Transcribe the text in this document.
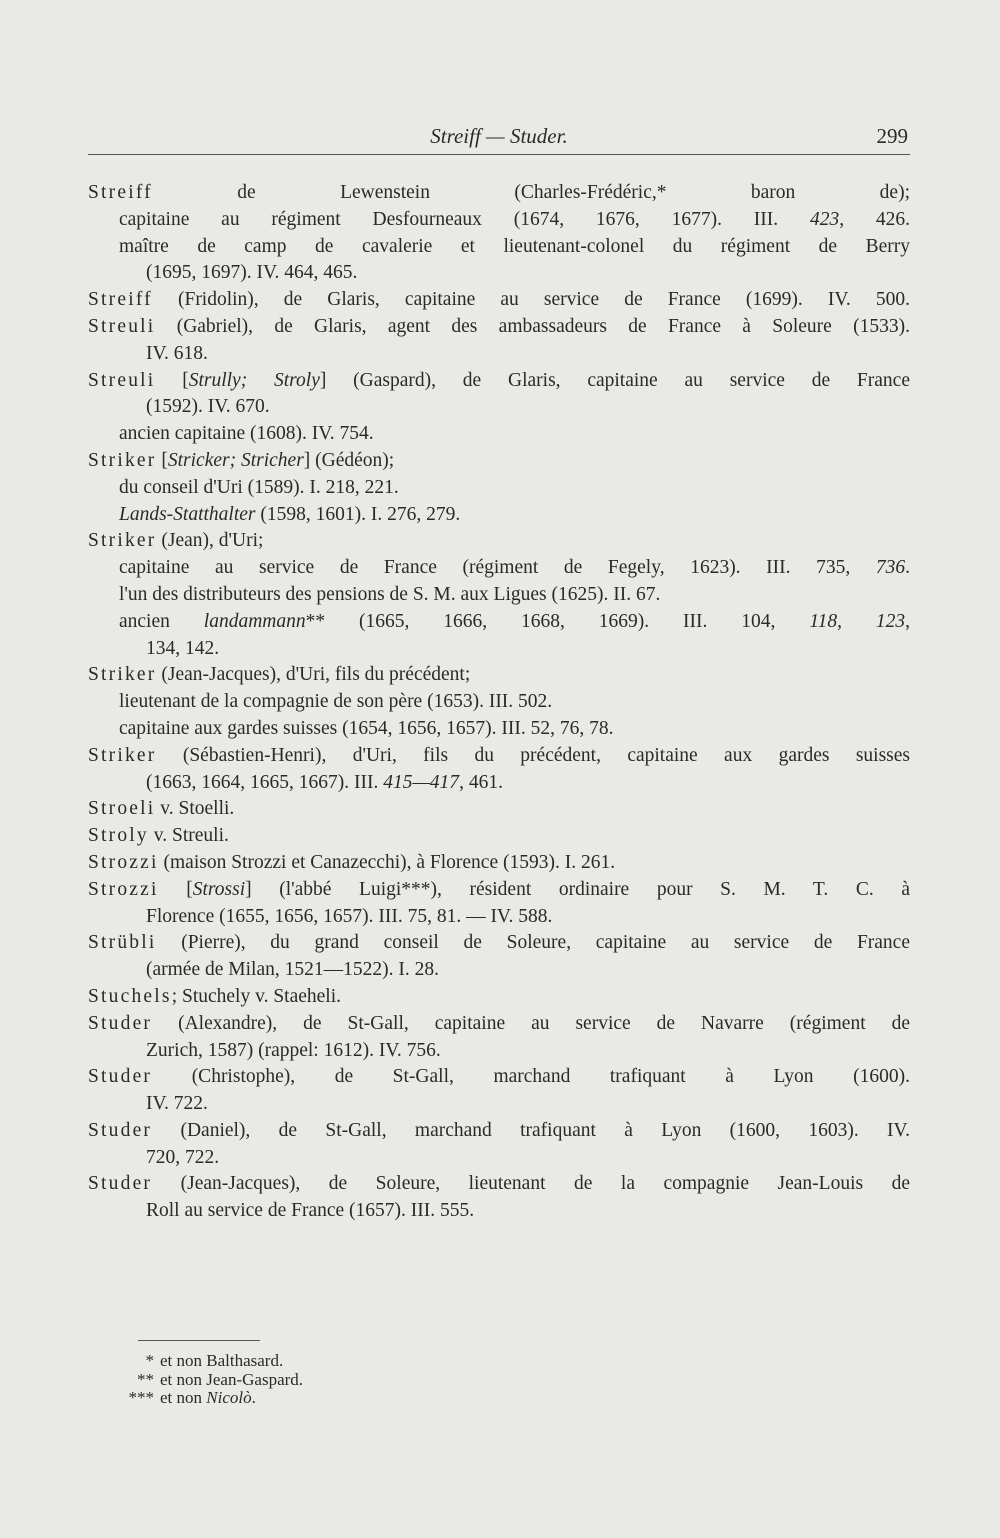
Streiff — Studer.	299
Streiff de Lewenstein (Charles-Frédéric,* baron de);
capitaine au régiment Desfourneaux (1674, 1676, 1677). III. 423, 426.
maître de camp de cavalerie et lieutenant-colonel du régiment de Berry
(1695, 1697). IV. 464, 465.
Streiff (Fridolin), de Glaris, capitaine au service de France (1699). IV. 500.
Streuli (Gabriel), de Glaris, agent des ambassadeurs de France à Soleure (1533).
IV. 618.
Streuli [Strully; Stroly] (Gaspard), de Glaris, capitaine au service de France
(1592). IV. 670.
ancien capitaine (1608). IV. 754.
Striker [Stricker; Stricher] (Gédéon);
du conseil d'Uri (1589). I. 218, 221.
Lands-Statthalter (1598, 1601). I. 276, 279.
Striker (Jean), d'Uri;
capitaine au service de France (régiment de Fegely, 1623). III. 735, 736.
l'un des distributeurs des pensions de S. M. aux Ligues (1625). II. 67.
ancien landammann** (1665, 1666, 1668, 1669). III. 104, 118, 123,
134, 142.
Striker (Jean-Jacques), d'Uri, fils du précédent;
lieutenant de la compagnie de son père (1653). III. 502.
capitaine aux gardes suisses (1654, 1656, 1657). III. 52, 76, 78.
Striker (Sébastien-Henri), d'Uri, fils du précédent, capitaine aux gardes suisses
(1663, 1664, 1665, 1667). III. 415—417, 461.
Stroeli v. Stoelli.
Stroly v. Streuli.
Strozzi (maison Strozzi et Canazecchi), à Florence (1593). I. 261.
Strozzi [Strossi] (l'abbé Luigi***), résident ordinaire pour S. M. T. C. à
Florence (1655, 1656, 1657). III. 75, 81. — IV. 588.
Strübli (Pierre), du grand conseil de Soleure, capitaine au service de France
(armée de Milan, 1521—1522). I. 28.
Stuchels; Stuchely v. Staeheli.
Studer (Alexandre), de St-Gall, capitaine au service de Navarre (régiment de
Zurich, 1587) (rappel: 1612). IV. 756.
Studer (Christophe), de St-Gall, marchand trafiquant à Lyon (1600).
IV. 722.
Studer (Daniel), de St-Gall, marchand trafiquant à Lyon (1600, 1603). IV.
720, 722.
Studer (Jean-Jacques), de Soleure, lieutenant de la compagnie Jean-Louis de
Roll au service de France (1657). III. 555.
* et non Balthasard.
** et non Jean-Gaspard.
*** et non Nicolò.
